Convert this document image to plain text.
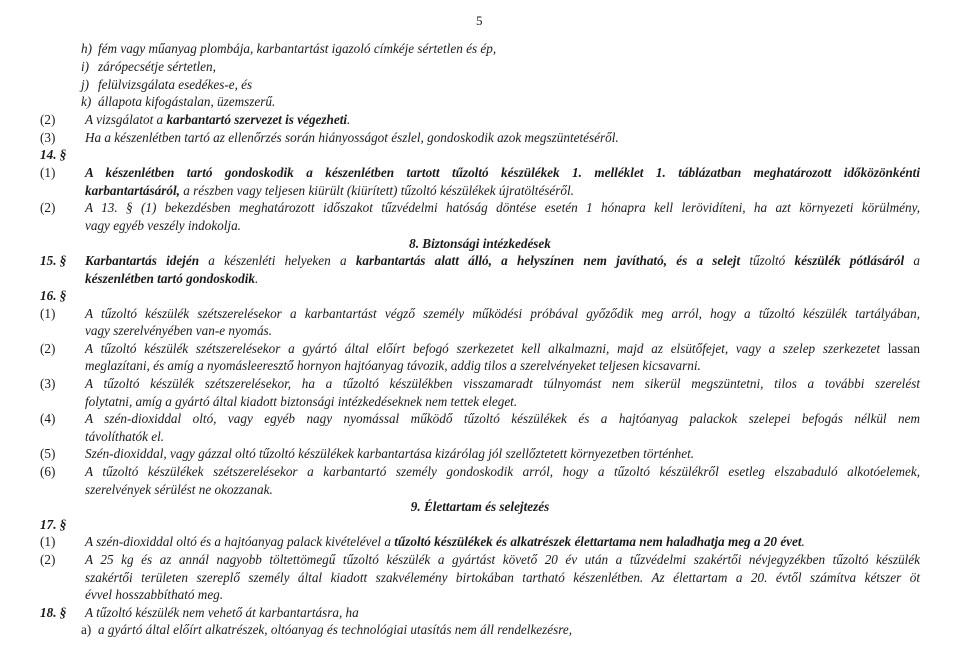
5
h) fém vagy műanyag plombája, karbantartást igazoló címkéje sértetlen és ép,
i) zárópecsétje sértetlen,
j) felülvizsgálata esedékes-e, és
k) állapota kifogástalan, üzemszerű.
(2) A vizsgálatot a karbantartó szervezet is végezheti.
(3) Ha a készenlétben tartó az ellenőrzés során hiányosságot észlel, gondoskodik azok megszüntetéséről.
14. §
(1) A készenlétben tartó gondoskodik a készenlétben tartott tűzoltó készülékek 1. melléklet 1. táblázatban meghatározott időközönkénti
karbantartásáról, a részben vagy teljesen kiürült (kiürített) tűzoltó készülékek újratöltéséről.
(2) A 13. § (1) bekezdésben meghatározott időszakot tűzvédelmi hatóság döntése esetén 1 hónapra kell lerövidíteni, ha azt környezeti körülmény,
vagy egyéb veszély indokolja.
8. Biztonsági intézkedések
15. § Karbantartás idején a készenléti helyeken a karbantartás alatt álló, a helyszínen nem javítható, és a selejt tűzoltó készülék pótlásáról a
készenlétben tartó gondoskodik.
16. §
(1) A tűzoltó készülék szétszerelésekor a karbantartást végző személy működési próbával győződik meg arról, hogy a tűzoltó készülék tartályában,
vagy szerelvényében van-e nyomás.
(2) A tűzoltó készülék szétszerelésekor a gyártó által előírt befogó szerkezetet kell alkalmazni, majd az elsütőfejet, vagy a szelep szerkezetet lassan
meglazítani, és amíg a nyomásleeresztő hornyon hajtóanyag távozik, addig tilos a szerelvényeket teljesen kicsavarni.
(3) A tűzoltó készülék szétszerelésekor, ha a tűzoltó készülékben visszamaradt túlnyomást nem sikerül megszüntetni, tilos a további szerelést
folytatni, amíg a gyártó által kiadott biztonsági intézkedéseknek nem tettek eleget.
(4) A szén-dioxiddal oltó, vagy egyéb nagy nyomással működő tűzoltó készülékek és a hajtóanyag palackok szelepei befogás nélkül nem
távolíthatók el.
(5) Szén-dioxiddal, vagy gázzal oltó tűzoltó készülékek karbantartása kizárólag jól szellőztetett környezetben történhet.
(6) A tűzoltó készülékek szétszerelésekor a karbantartó személy gondoskodik arról, hogy a tűzoltó készülékről esetleg elszabaduló alkotóelemek,
szerelvények sérülést ne okozzanak.
9. Élettartam és selejtezés
17. §
(1) A szén-dioxiddal oltó és a hajtóanyag palack kivételével a tűzoltó készülékek és alkatrészek élettartama nem haladhatja meg a 20 évet.
(2) A 25 kg és az annál nagyobb töltettömegű tűzoltó készülék a gyártást követő 20 év után a tűzvédelmi szakértői névjegyzékben tűzoltó készülék
szakértői területen szereplő személy által kiadott szakvélemény birtokában tartható készenlétben. Az élettartam a 20. évtől számítva kétszer öt
évvel hosszabbítható meg.
18. § A tűzoltó készülék nem vehető át karbantartásra, ha
a) a gyártó által előírt alkatrészek, oltóanyag és technológiai utasítás nem áll rendelkezésre,
